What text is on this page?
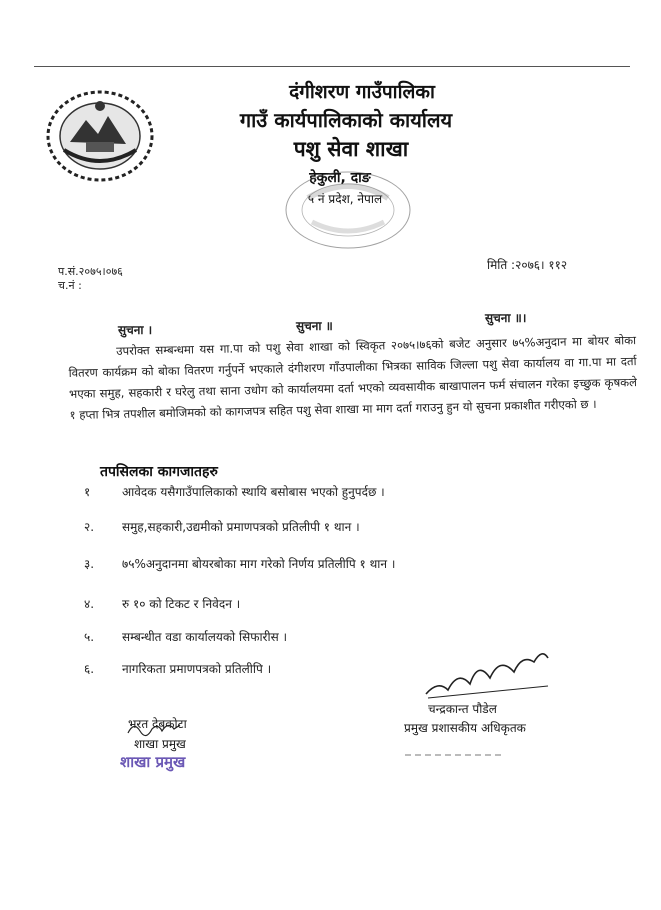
दंगीशरण गाउँपालिका
गाउँ कार्यपालिकाको कार्यालय
पशु सेवा शाखा
हेकुली, दाङ
५ नं प्रदेश, नेपाल
प.सं.२०७५।०७६
च.नं :
मिति :२०७६। ११२
सुचना ।	सुचना ॥
सुचना ॥।

उपरोक्त सम्बन्धमा यस गा.पा को पशु सेवा शाखा को स्विकृत २०७५।७६को बजेट अनुसार ७५%अनुदान मा बोयर बोका वितरण कार्यक्रम को बोका वितरण गर्नुपर्ने भएकाले दंगीशरण गाँउपालीका भित्रका साविक जिल्ला पशु सेवा कार्यालय वा गा.पा मा दर्ता भएका समुह, सहकारी र घरेलु तथा साना उधोग को कार्यालयमा दर्ता भएको व्यवसायीक बाखापालन फर्म संचालन गरेका इच्छुक कृषकले १ हप्ता भित्र तपशील बमोजिमको को कागजपत्र सहित पशु सेवा शाखा मा माग दर्ता गराउनु हुन यो सुचना प्रकाशीत गरीएको छ ।

तपसिलका कागजातहरु
१	आवेदक यसैगाउँपालिकाको स्थायि बसोबास भएको हुनुपर्दछ ।
२. समुह,सहकारी,उद्यमीको प्रमाणपत्रको प्रतिलीपी १ थान ।
३. ७५%अनुदानमा बोयरबोका माग गरेको निर्णय प्रतिलीपि १ थान ।
४. रु १० को टिकट र निवेदन ।
५. सम्बन्धीत वडा कार्यालयको सिफारीस ।
६. नागरिकता प्रमाणपत्रको प्रतिलीपि ।
भरत देबकोटा
शाखा प्रमुख
शाखा प्रमुख
चन्द्रकान्त पौडेल
प्रमुख प्रशासकीय अधिकृतक
